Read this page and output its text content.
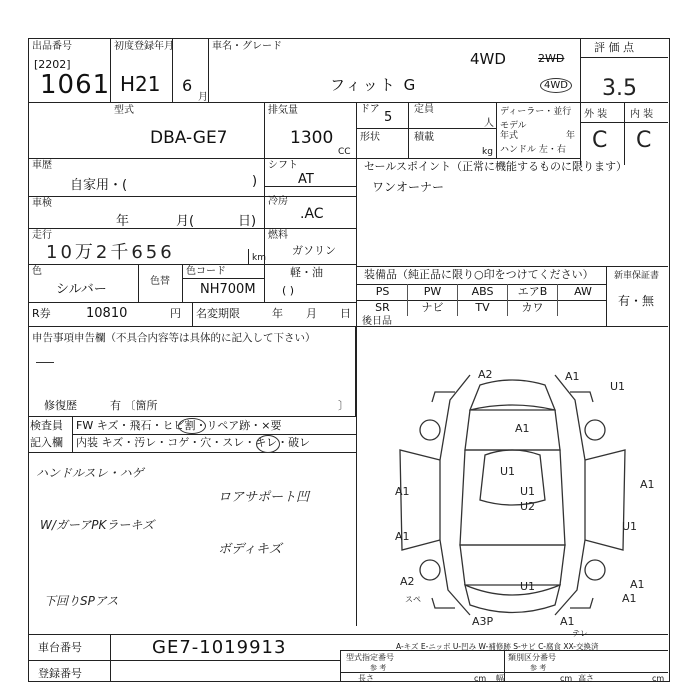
出品番号
[2202]
1061
初度登録年月
H21 6
月
車名・グレード
4WD	2WD
4WD
フィット G
評 価 点
3.5
型式
DBA-GE7
排気量
1300
CC
ドア
5
形状
定員
人
積載
kg
ディーラー・並行
モデル
年式	年
ハンドル 左・右
外 装 内 装
C C
車歴
自家用・(	)
シフト
AT
セールスポイント（正常に機能するものに限ります）
ワンオーナー
車検
年	月(	日)
冷房
.AC
走行
10万2千656	km
燃料
ガソリン
軽・油
( )
色
シルバー
色替
色コード
NH700M
装備品（純正品に限り○印をつけてください） 新車保証書
有・無
PS	PW	ABS	エアB	AW
SR	ナビ	TV	カワ
R券	10810	円 名変期限	年 月 日
後日品
申告事項申告欄（不具合内容等は具体的に記入して下さい）
修復歴	有 〔箇所	〕
検査員
記入欄
FW キズ・飛石・ヒビ割・リペア跡・×要
内装 キズ・汚レ・コゲ・穴・スレ・キレ・破レ
ハンドルスレ・ハゲ
ロアサポート凹
W/ガーアPKラーキズ
ボディキズ
下回りSPアス
A2	A1
A1
U1
U2
A1
A1
U1	A1
A2
A1
U1
U1
A1
A3P	A1
U1
スペ
テレ
A-キズ E-ニッボ U-凹み W-補修跡 S-サビ C-腐食 XX-交換済
車台番号	GE7-1019913
登録番号
型式指定番号
参 考
類別区分番号
参 考
長さ	cm 幅	cm 高さ	cm
